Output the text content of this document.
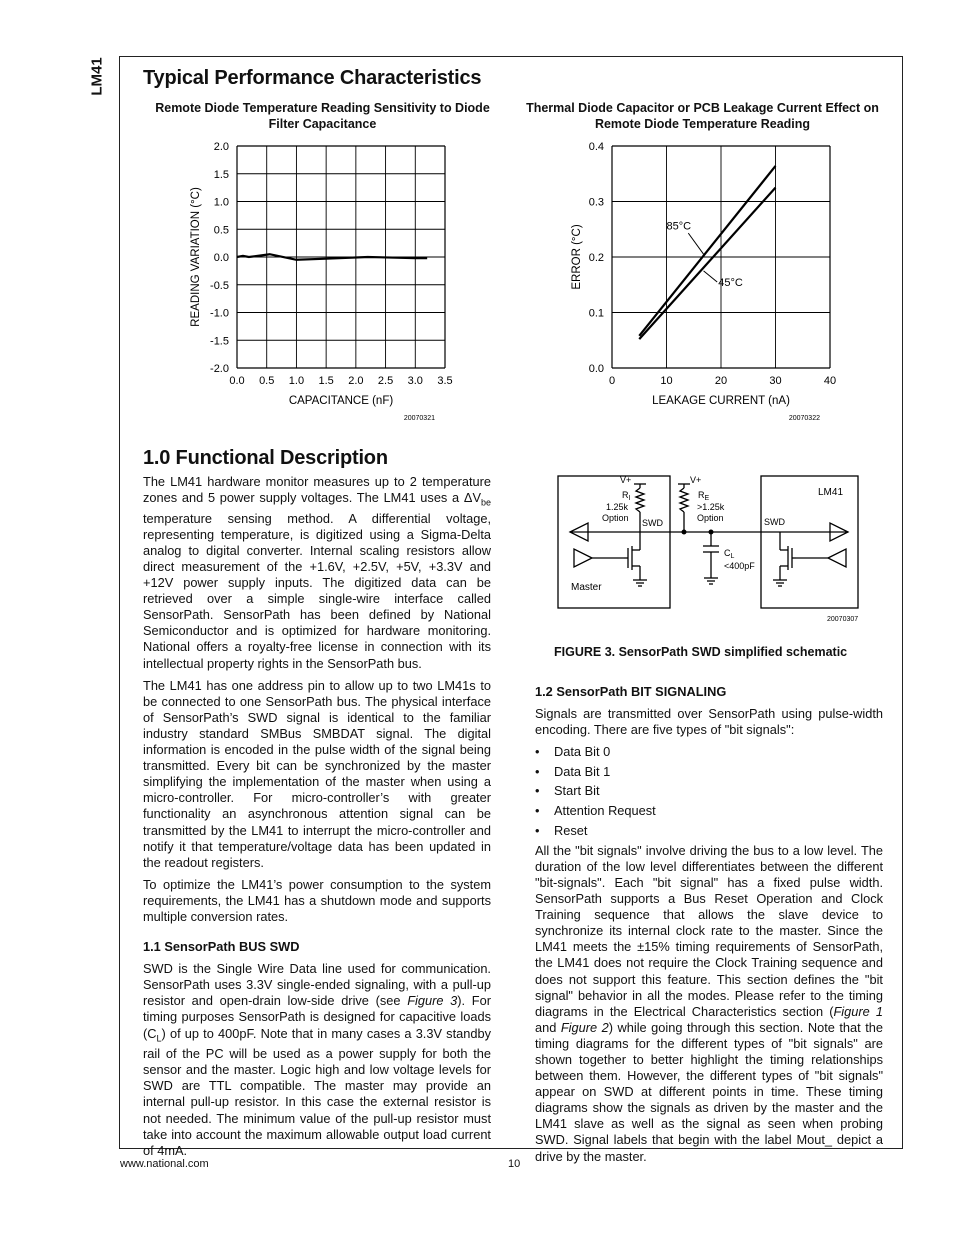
LM41 Typical Performance Characteristics
Remote Diode Temperature Reading Sensitivity to Diode Filter Capacitance
0.0 0.5 1.0 1.5 2.0 2.5 3.0 3.5
2.0
1.5
1.0
0.5
0.0
-0.5
-1.0
-1.5
-2.0
CAPACITANCE (nF)
READING VARIATION (°C)
20070321
Thermal Diode Capacitor or PCB Leakage Current Effect on Remote Diode Temperature Reading
0	10	20	30	40
0.4
0.3
0.2
0.1
0.0
LEAKAGE CURRENT (nA)
ERROR (°C)
20070322
85°C
45°C
1.0 Functional Description

The LM41 hardware monitor measures up to 2 temperature zones and 5 power supply voltages. The LM41 uses a $\Delta V_{be}$ temperature sensing method. A differential voltage, representing temperature, is digitized using a Sigma-Delta analog to digital converter. Internal scaling resistors allow direct measurement of the +1.6V, +2.5V, +5V, +3.3V and +12V power supply inputs. The digitized data can be retrieved over a simple single-wire interface called SensorPath. SensorPath has been defined by National Semiconductor and is optimized for hardware monitoring. National offers a royalty-free license in connection with its intellectual property rights in the SensorPath bus.

The LM41 has one address pin to allow up to two LM41s to be connected to one SensorPath bus. The physical interface of SensorPath’s SWD signal is identical to the familiar industry standard SMBus SMBDAT signal. The digital information is encoded in the pulse width of the signal being transmitted. Every bit can be synchronized by the master simplifying the implementation of the master when using a micro-controller. For micro-controller’s with greater functionality an asynchronous attention signal can be transmitted by the LM41 to interrupt the micro-controller and notify it that temperature/voltage data has been updated in the readout registers.

To optimize the LM41’s power consumption to the system requirements, the LM41 has a shutdown mode and supports multiple conversion rates.

1.1 SensorPath BUS SWD

SWD is the Single Wire Data line used for communication. SensorPath uses 3.3V single-ended signaling, with a pull-up resistor and open-drain low-side drive (see Figure 3). For timing purposes SensorPath is designed for capacitive loads $(C_L)$ of up to 400pF. Note that in many cases a 3.3V standby rail of the PC will be used as a power supply for both the sensor and the master. Logic high and low voltage levels for SWD are TTL compatible. The master may provide an internal pull-up resistor. In this case the external resistor is not needed. The minimum value of the pull-up resistor must take into account the maximum allowable output load current of 4mA.

V+
$R_I$
1.25k
Option
V+
$R_E$
>1.25k
Option
SWD	SWD
$C_L$
<400pF
LM41
Master
20070307
FIGURE 3. SensorPath SWD simplified schematic
1.2 SensorPath BIT SIGNALING

Signals are transmitted over SensorPath using pulse-width encoding. There are five types of "bit signals":

• Data Bit 0
• Data Bit 1
• Start Bit
• Attention Request
• Reset

All the "bit signals" involve driving the bus to a low level. The duration of the low level differentiates between the different "bit-signals". Each "bit signal" has a fixed pulse width. SensorPath supports a Bus Reset Operation and Clock Training sequence that allows the slave device to synchronize its internal clock rate to the master. Since the LM41 meets the ±15% timing requirements of SensorPath, the LM41 does not require the Clock Training sequence and does not support this feature. This section defines the "bit signal" behavior in all the modes. Please refer to the timing diagrams in the Electrical Characteristics section (Figure 1 and Figure 2) while going through this section. Note that the timing diagrams for the different types of "bit signals" are shown together to better highlight the timing relationships between them. However, the different types of "bit signals" appear on SWD at different points in time. These timing diagrams show the signals as driven by the master and the LM41 slave as well as the signal as seen when probing SWD. Signal labels that begin with the label Mout_ depict a drive by the master.

www.national.com	10
